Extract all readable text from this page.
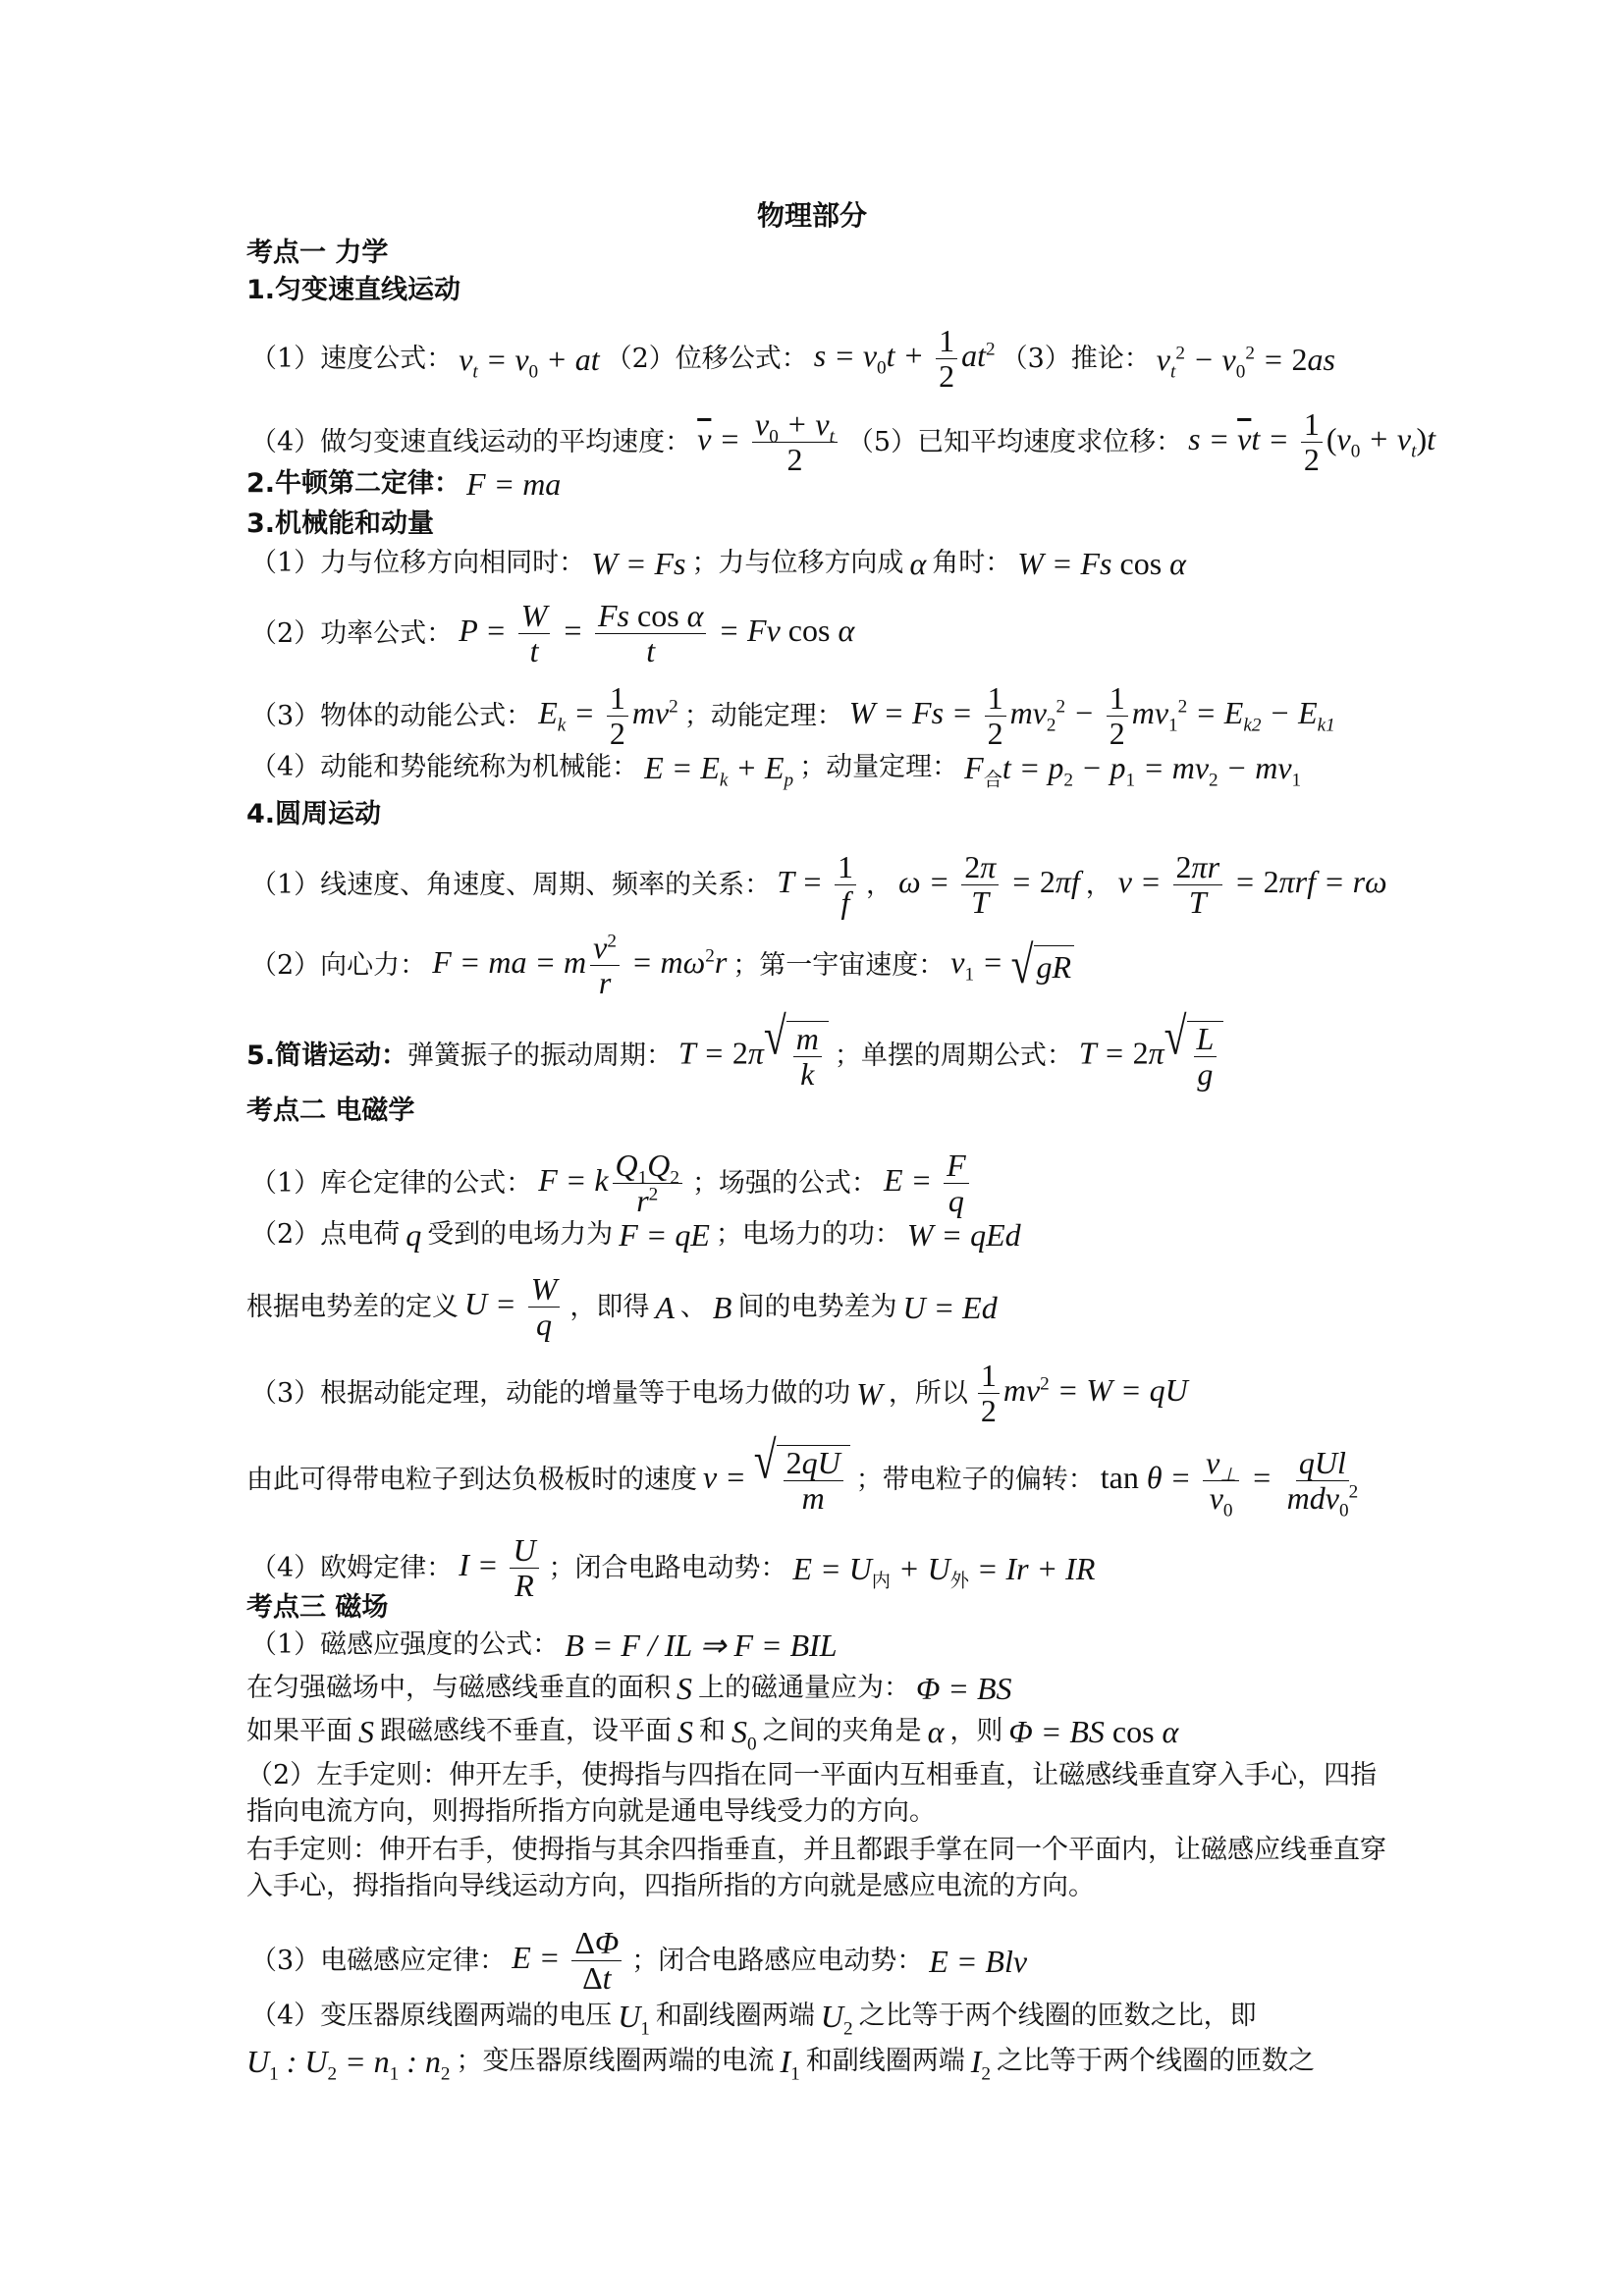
物理部分
考点一 力学
1.匀变速直线运动
（1）速度公式： $v_t = v_0$ + at （2）位移公式： $s = v_0t + \frac{1}{2} at^2$ （3）推论： $v_t^2 - v_0^2 = 2as$
（4）做匀变速直线运动的平均速度： $\overline{v} = \frac{v_0 + v_t}{2} (5)$已知平均速度求位移： $s = \overline{v}t = \frac{1}{2} (v_0 + v_t)t$
2.牛顿第二定律： F = ma
3.机械能和动量
（1）力与位移方向相同时： W = Fs ；力与位移方向成 α 角时： W = Fs cos α
（2）功率公式： $P = \frac{W}{t} = \frac{\text{Fs cos α}}{t} = Fv$ cos α
（3）物体的动能公式： $E_k = \frac{1}{2} mv^2$ ；动能定理： $W = Fs = \frac{1}{2} mv_2^2 - \frac{1}{2} mv_1^2 = E_{k2} - E_{k1}$
（4）动能和势能统称为机械能： $E = E_k + E_p$ ；动量定理： $F_合t = p_2 - p_1 = mv_2 - mv_1$
4.圆周运动
（1）线速度、角速度、周期、频率的关系： $T = \frac{1}{f}$ ， $\omega = \frac{2\pi}{T} = 2\pi f$ ， $v = \frac{2\pi r}{T} = 2\pi rf = r\omega$
（2）向心力： F = ma = m $\frac{v^2}{r} = m\omega^2r$ ；第一宇宙速度： $v_1$ = √ gR
5.简谐运动： 弹簧振子的振动周期： T = 2π √ $\frac{m}{k}$ ；单摆的周期公式： T = 2π √ $\frac{L}{g}$
考点二 电磁学
（1）库仑定律的公式： F = k $\frac{Q_1Q_2}{r^2}$ ；场强的公式： $E = \frac{F}{q}$
（2）点电荷 q 受到的电场力为 F = qE ；电场力的功： W = qEd
根据电势差的定义 $U = \frac{W}{q}$ ，即得 A 、 B 间的电势差为 U = Ed
（3）根据动能定理，动能的增量等于电场力做的功 W ，所以 $\frac{1}{2} mv^2 = W$ = qU
由此可得带电粒子到达负极板时的速度 v = √ $\frac{2qU}{m}$ ；带电粒子的偏转： $\tan \theta = \frac{v_\perp}{v_0} = \frac{\text{qUl}}{mdv_0^2}$
（4）欧姆定律： $I = \frac{U}{R}$ ；闭合电路电动势： $E = U_内 + U_外 = Ir$ + IR
考点三 磁场
（1）磁感应强度的公式： B = F / IL ⇒ F = BIL
在匀强磁场中，与磁感线垂直的面积 S 上的磁通量应为： Φ = BS
如果平面 S 跟磁感线不垂直，设平面 S 和 $S_0$ 之间的夹角是 α ，则 Φ = BS cos α
（2）左手定则：伸开左手，使拇指与四指在同一平面内互相垂直，让磁感线垂直穿入手心，四指指向电流方向，则拇指所指方向就是通电导线受力的方向。
右手定则：伸开右手，使拇指与其余四指垂直，并且都跟手掌在同一个平面内，让磁感应线垂直穿入手心，拇指指向导线运动方向，四指所指的方向就是感应电流的方向。
（3）电磁感应定律： $E = \frac{\Delta\Phi}{\Delta t}$ ；闭合电路感应电动势： E = Blv
（4）变压器原线圈两端的电压 $U_1$ 和副线圈两端 $U_2$ 之比等于两个线圈的匝数之比，即
$U_1$ : $U_2 = n_1$ : $n_2$ ；变压器原线圈两端的电流 $I_1$ 和副线圈两端 $I_2$ 之比等于两个线圈的匝数之
